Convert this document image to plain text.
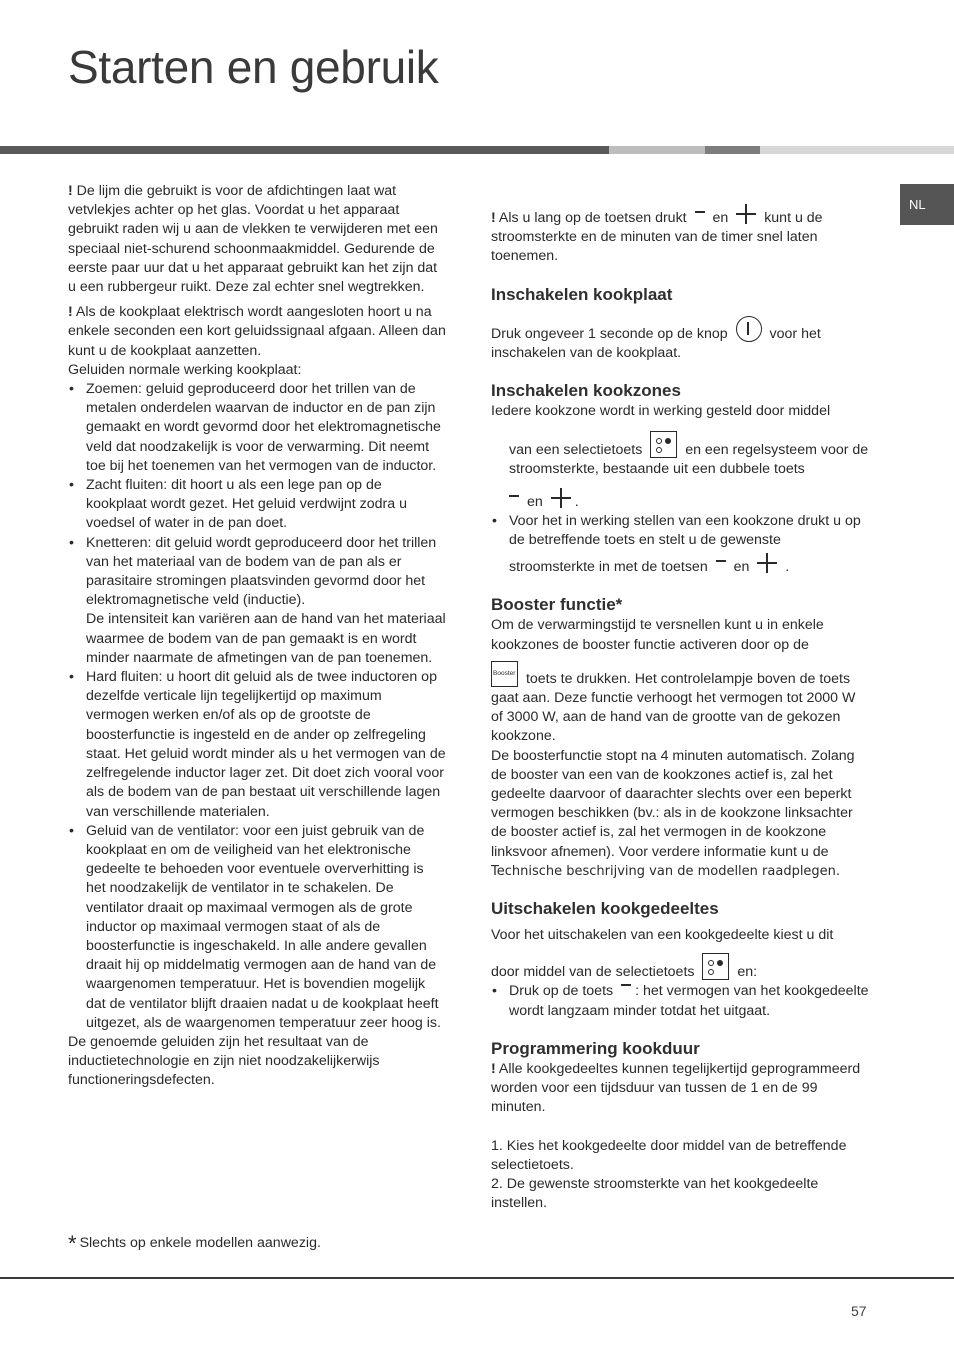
Starten en gebruik
NL

! De lijm die gebruikt is voor de afdichtingen laat wat vetvlekjes achter op het glas. Voordat u het apparaat gebruikt raden wij u aan de vlekken te verwijderen met een speciaal niet-schurend schoonmaakmiddel. Gedurende de eerste paar uur dat u het apparaat gebruikt kan het zijn dat u een rubbergeur ruikt. Deze zal echter snel wegtrekken.

! Als de kookplaat elektrisch wordt aangesloten hoort u na enkele seconden een kort geluidssignaal afgaan. Alleen dan kunt u de kookplaat aanzetten.

Geluiden normale werking kookplaat:

• Zoemen: geluid geproduceerd door het trillen van de metalen onderdelen waarvan de inductor en de pan zijn gemaakt en wordt gevormd door het elektromagnetische veld dat noodzakelijk is voor de verwarming. Dit neemt toe bij het toenemen van het vermogen van de inductor.
• Zacht fluiten: dit hoort u als een lege pan op de kookplaat wordt gezet. Het geluid verdwijnt zodra u voedsel of water in de pan doet.
• Knetteren: dit geluid wordt geproduceerd door het trillen van het materiaal van de bodem van de pan als er parasitaire stromingen plaatsvinden gevormd door het elektromagnetische veld (inductie).
De intensiteit kan variëren aan de hand van het materiaal waarmee de bodem van de pan gemaakt is en wordt minder naarmate de afmetingen van de pan toenemen.
• Hard fluiten: u hoort dit geluid als de twee inductoren op dezelfde verticale lijn tegelijkertijd op maximum vermogen werken en/of als op de grootste de boosterfunctie is ingesteld en de ander op zelfregeling staat. Het geluid wordt minder als u het vermogen van de zelfregelende inductor lager zet. Dit doet zich vooral voor als de bodem van de pan bestaat uit verschillende lagen van verschillende materialen.
• Geluid van de ventilator: voor een juist gebruik van de kookplaat en om de veiligheid van het elektronische gedeelte te behoeden voor eventuele oververhitting is het noodzakelijk de ventilator in te schakelen. De ventilator draait op maximaal vermogen als de grote inductor op maximaal vermogen staat of als de boosterfunctie is ingeschakeld. In alle andere gevallen draait hij op middelmatig vermogen aan de hand van de waargenomen temperatuur. Het is bovendien mogelijk dat de ventilator blijft draaien nadat u de kookplaat heeft uitgezet, als de waargenomen temperatuur zeer hoog is.

De genoemde geluiden zijn het resultaat van de inductietechnologie en zijn niet noodzakelijkerwijs functioneringsdefecten.

* Slechts op enkele modellen aanwezig.

! Als u lang op de toetsen drukt en	kunt u de stroomsterkte en de minuten van de timer snel laten toenemen.

Inschakelen kookplaat

Druk ongeveer 1 seconde op de knop	voor het inschakelen van de kookplaat.

Inschakelen kookzones

Iedere kookzone wordt in werking gesteld door middel

van een selectietoets	en een regelsysteem voor de stroomsterkte, bestaande uit een dubbele toets

en .

• Voor het in werking stellen van een kookzone drukt u op de betreffende toets en stelt u de gewenste
stroomsterkte in met de toetsen en	.
Booster functie*

Om de verwarmingstijd te versnellen kunt u in enkele kookzones de booster functie activeren door op de

Booster toets te drukken. Het controlelampje boven de toets gaat aan. Deze functie verhoogt het vermogen tot 2000 W of 3000 W, aan de hand van de grootte van de gekozen kookzone.

De boosterfunctie stopt na 4 minuten automatisch. Zolang de booster van een van de kookzones actief is, zal het gedeelte daarvoor of daarachter slechts over een beperkt vermogen beschikken (bv.: als in de kookzone linksachter de booster actief is, zal het vermogen in de kookzone linksvoor afnemen). Voor verdere informatie kunt u de Technische beschrijving van de modellen raadplegen.

Uitschakelen kookgedeeltes

Voor het uitschakelen van een kookgedeelte kiest u dit

door middel van de selectietoets	en:

• Druk op de toets : het vermogen van het kookgedeelte wordt langzaam minder totdat het uitgaat.
Programmering kookduur

! Alle kookgedeeltes kunnen tegelijkertijd geprogrammeerd worden voor een tijdsduur van tussen de 1 en de 99 minuten.

1. Kies het kookgedeelte door middel van de betreffende selectietoets.

2. De gewenste stroomsterkte van het kookgedeelte instellen.

57
